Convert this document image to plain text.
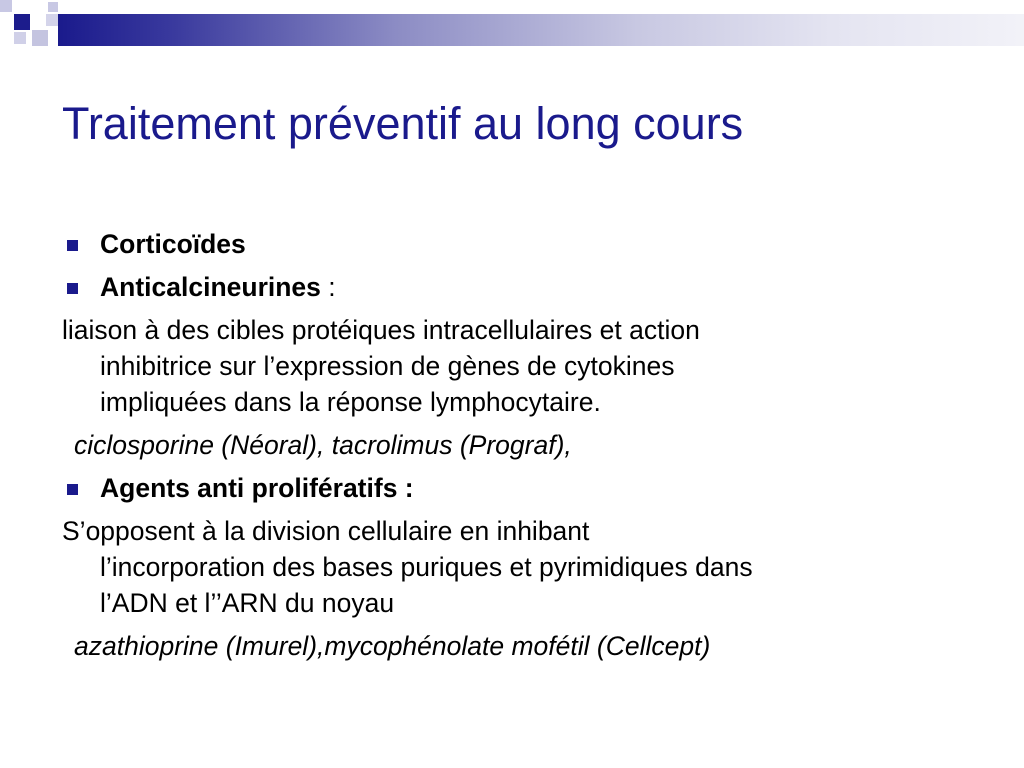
Traitement préventif au long cours
Corticoïdes
Anticalcineurines :
liaison à des cibles protéiques intracellulaires et action
inhibitrice sur l’expression de gènes de cytokines
impliquées dans la réponse lymphocytaire.
ciclosporine (Néoral), tacrolimus (Prograf),
Agents anti prolifératifs :
S’opposent à la division cellulaire en inhibant
l’incorporation des bases puriques et pyrimidiques dans
l’ADN et l’’ARN du noyau
azathioprine (Imurel),mycophénolate mofétil (Cellcept)
